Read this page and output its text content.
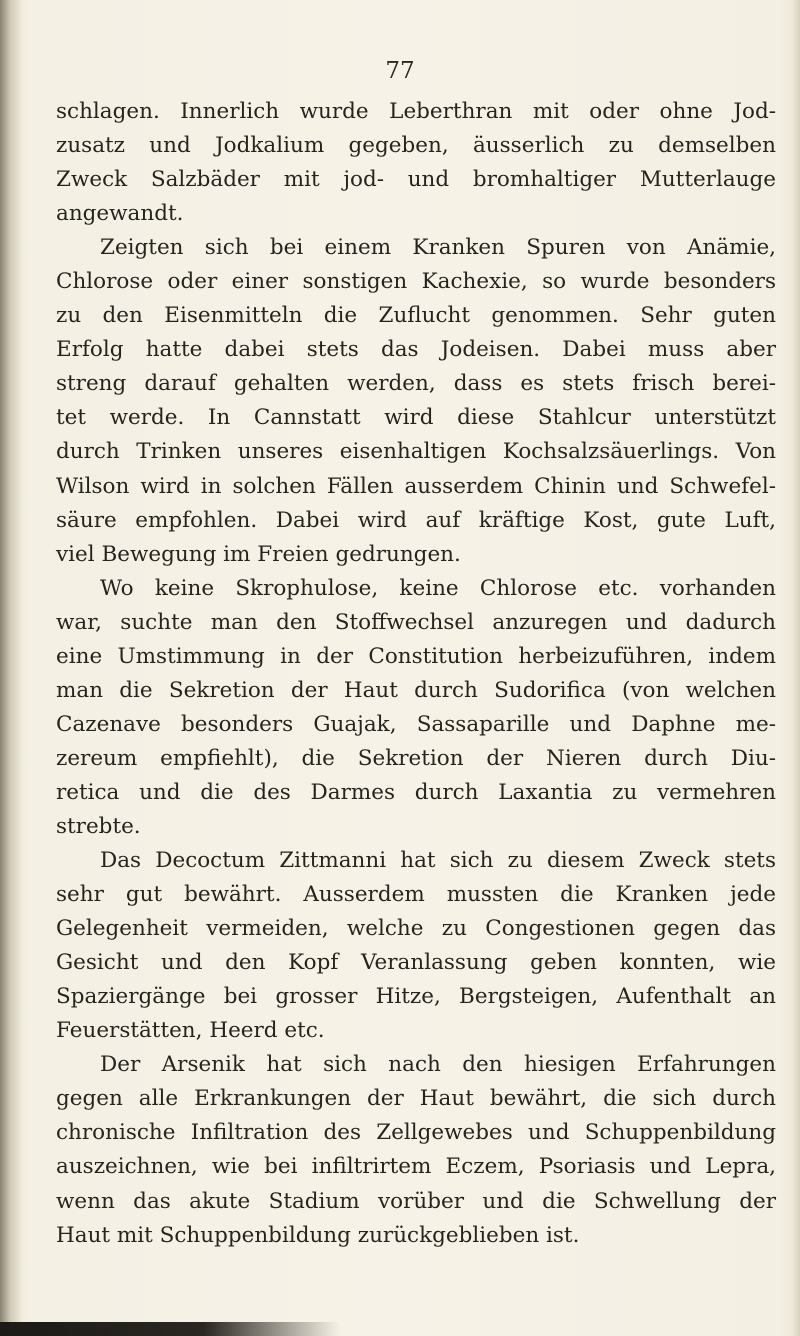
77
schlagen. Innerlich wurde Leberthran mit oder ohne Jod-
zusatz und Jodkalium gegeben, äusserlich zu demselben
Zweck Salzbäder mit jod- und bromhaltiger Mutterlauge
angewandt.
Zeigten sich bei einem Kranken Spuren von Anämie,
Chlorose oder einer sonstigen Kachexie, so wurde besonders
zu den Eisenmitteln die Zuflucht genommen. Sehr guten
Erfolg hatte dabei stets das Jodeisen. Dabei muss aber
streng darauf gehalten werden, dass es stets frisch berei-
tet werde. In Cannstatt wird diese Stahlcur unterstützt
durch Trinken unseres eisenhaltigen Kochsalzsäuerlings. Von
Wilson wird in solchen Fällen ausserdem Chinin und Schwefel-
säure empfohlen. Dabei wird auf kräftige Kost, gute Luft,
viel Bewegung im Freien gedrungen.
Wo keine Skrophulose, keine Chlorose etc. vorhanden
war, suchte man den Stoffwechsel anzuregen und dadurch
eine Umstimmung in der Constitution herbeizuführen, indem
man die Sekretion der Haut durch Sudorifica (von welchen
Cazenave besonders Guajak, Sassaparille und Daphne me-
zereum empfiehlt), die Sekretion der Nieren durch Diu-
retica und die des Darmes durch Laxantia zu vermehren
strebte.
Das Decoctum Zittmanni hat sich zu diesem Zweck stets
sehr gut bewährt. Ausserdem mussten die Kranken jede
Gelegenheit vermeiden, welche zu Congestionen gegen das
Gesicht und den Kopf Veranlassung geben konnten, wie
Spaziergänge bei grosser Hitze, Bergsteigen, Aufenthalt an
Feuerstätten, Heerd etc.
Der Arsenik hat sich nach den hiesigen Erfahrungen
gegen alle Erkrankungen der Haut bewährt, die sich durch
chronische Infiltration des Zellgewebes und Schuppenbildung
auszeichnen, wie bei infiltrirtem Eczem, Psoriasis und Lepra,
wenn das akute Stadium vorüber und die Schwellung der
Haut mit Schuppenbildung zurückgeblieben ist.
